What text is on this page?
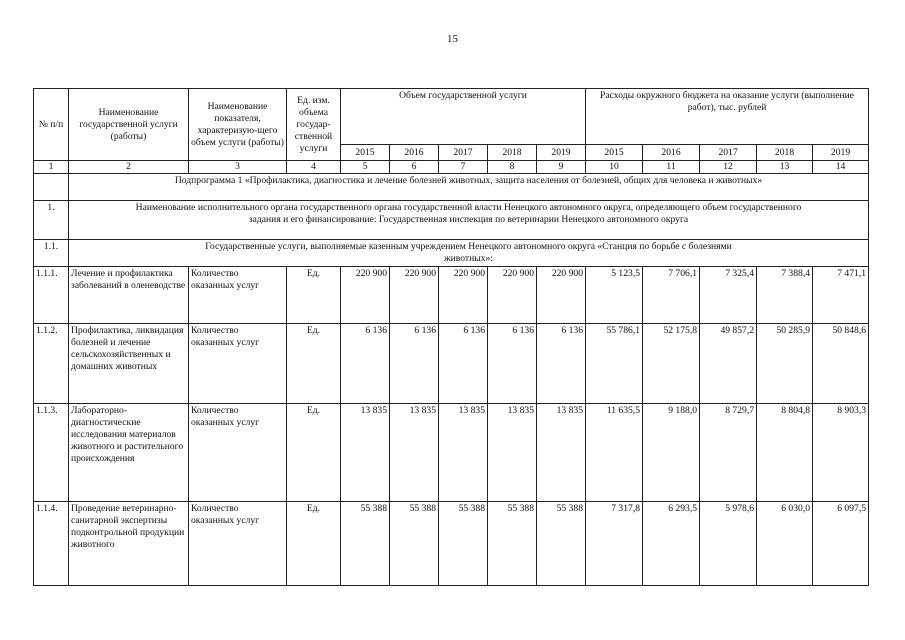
15
№ п/п	Наименование государственной услуги (работы)	Наименование показателя, характеризую-щего объем услуги (работы)	Ед. изм. объема государ-ственной услуги	Объем государственной услуги					Расходы окружного бюджета на оказание услуги (выполнение работ), тыс. рублей				
				2015	2016	2017	2018	2019	2015	2016	2017	2018	2019
1	2	3	4	5	6	7	8	9	10	11	12	13	14
	Подпрограмма 1 «Профилактика, диагностика и лечение болезней животных, защита населения от болезней, общих для человека и животных»												
1.	Наименование исполнительного органа государственного органа государственной власти Ненецкого автономного округа, определяющего объем государственного задания и его финансирование: Государственная инспекция по ветеринарии Ненецкого автономного округа												
1.1.	Государственные услуги, выполняемые казенным учреждением Ненецкого автономного округа «Станция по борьбе с болезнями животных»:												
1.1.1.	Лечение и профилактика заболеваний в оленеводстве	Количество оказанных услуг	Ед.	220 900	220 900	220 900	220 900	220 900	5 123,5	7 706,1	7 325,4	7 388,4	7 471,1
1.1.2.	Профилактика, ликвидация болезней и лечение сельскохозяйственных и домашних животных	Количество оказанных услуг	Ед.	6 136	6 136	6 136	6 136	6 136	55 786,1	52 175,8	49 857,2	50 285,9	50 848,6
1.1.3.	Лабораторно-диагностические исследования материалов животного и растительного происхождения	Количество оказанных услуг	Ед.	13 835	13 835	13 835	13 835	13 835	11 635,5	9 188,0	8 729,7	8 804,8	8 903,3
1.1.4.	Проведение ветеринарно-санитарной экспертизы подконтрольной продукции животного	Количество оказанных услуг	Ед.	55 388	55 388	55 388	55 388	55 388	7 317,8	6 293,5	5 978,6	6 030,0	6 097,5
